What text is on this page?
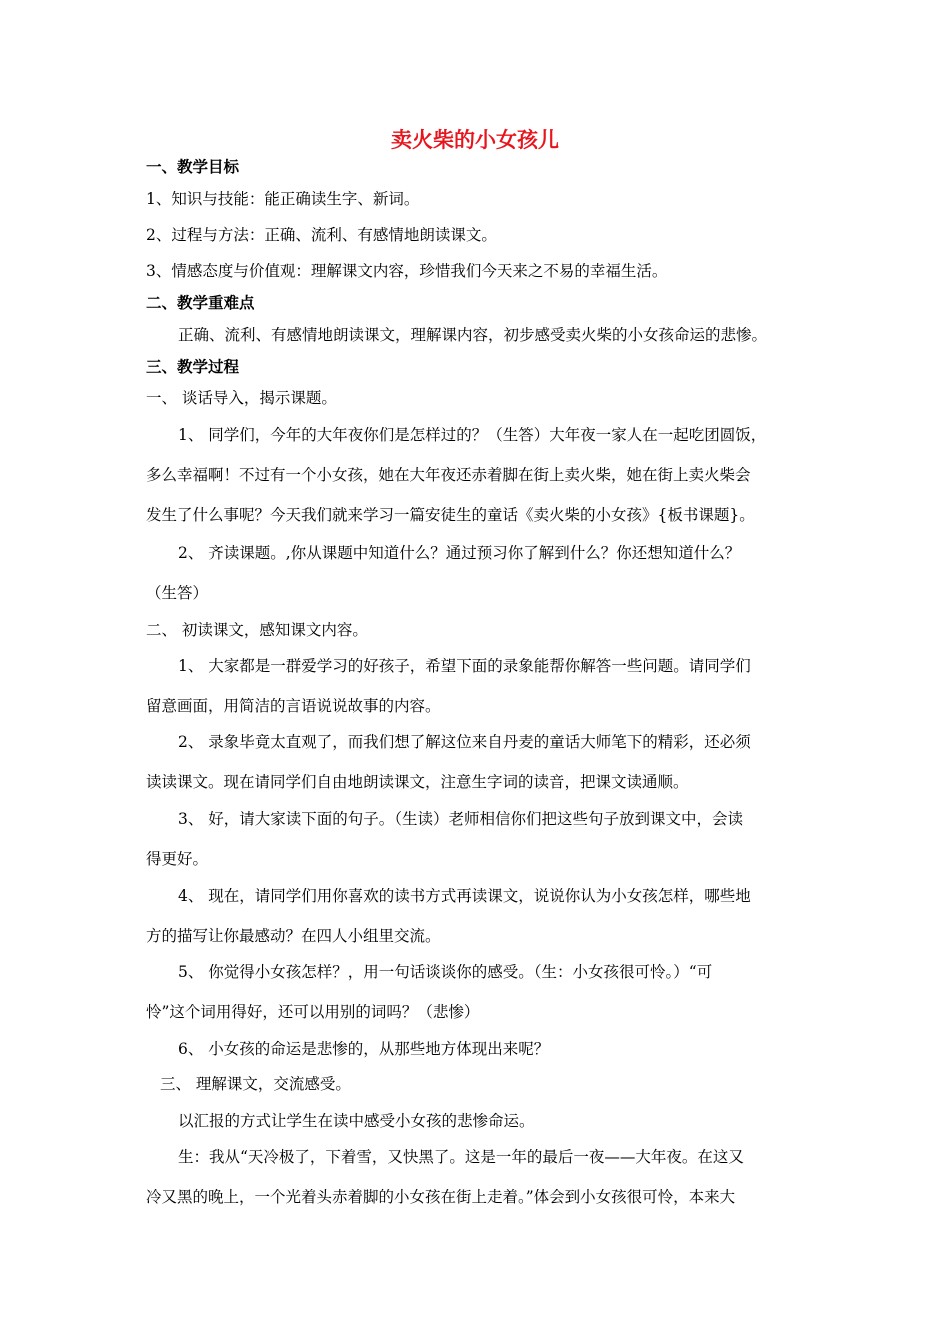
卖火柴的小女孩儿
一、教学目标
1、知识与技能：能正确读生字、新词。
2、过程与方法：正确、流利、有感情地朗读课文。
3、情感态度与价值观：理解课文内容，珍惜我们今天来之不易的幸福生活。
二、教学重难点
正确、流利、有感情地朗读课文，理解课内容，初步感受卖火柴的小女孩命运的悲惨。
三、教学过程
一、 谈话导入，揭示课题。
1、 同学们，今年的大年夜你们是怎样过的？（生答）大年夜一家人在一起吃团圆饭，
多么幸福啊！不过有一个小女孩，她在大年夜还赤着脚在街上卖火柴，她在街上卖火柴会
发生了什么事呢？今天我们就来学习一篇安徒生的童话《卖火柴的小女孩》{板书课题}。
2、 齐读课题。,你从课题中知道什么？通过预习你了解到什么？你还想知道什么？
（生答）
二、 初读课文，感知课文内容。
1、 大家都是一群爱学习的好孩子，希望下面的录象能帮你解答一些问题。请同学们
留意画面，用简洁的言语说说故事的内容。
2、 录象毕竟太直观了，而我们想了解这位来自丹麦的童话大师笔下的精彩，还必须
读读课文。现在请同学们自由地朗读课文，注意生字词的读音，把课文读通顺。
3、 好，请大家读下面的句子。（生读）老师相信你们把这些句子放到课文中，会读
得更好。
4、 现在，请同学们用你喜欢的读书方式再读课文，说说你认为小女孩怎样，哪些地
方的描写让你最感动？在四人小组里交流。
5、 你觉得小女孩怎样？，用一句话谈谈你的感受。（生：小女孩很可怜。）“可
怜”这个词用得好，还可以用别的词吗？（悲惨）
6、 小女孩的命运是悲惨的，从那些地方体现出来呢？
三、 理解课文，交流感受。
以汇报的方式让学生在读中感受小女孩的悲惨命运。
生：我从“天冷极了，下着雪，又快黑了。这是一年的最后一夜——大年夜。在这又
冷又黑的晚上，一个光着头赤着脚的小女孩在街上走着。”体会到小女孩很可怜，本来大
